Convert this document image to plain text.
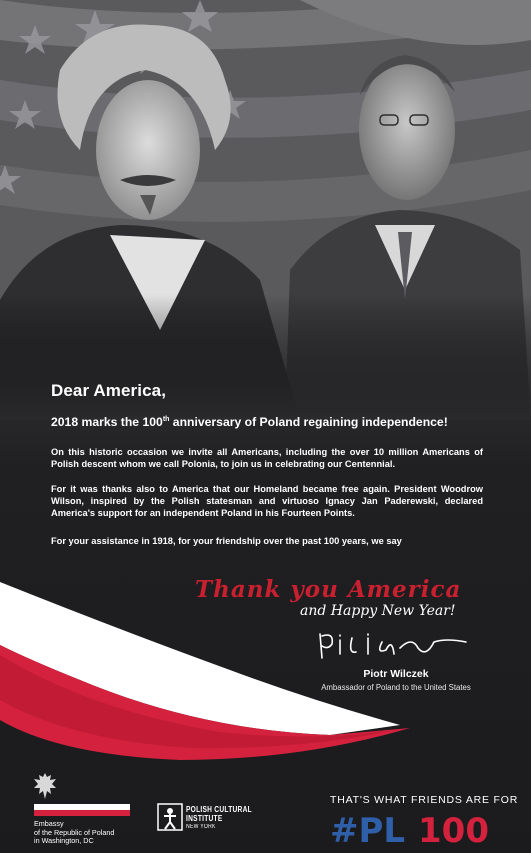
Dear America,
2018 marks the 100th anniversary of Poland regaining independence!
On this historic occasion we invite all Americans, including the over 10 million Americans of Polish descent whom we call Polonia, to join us in celebrating our Centennial.
For it was thanks also to America that our Homeland became free again. President Woodrow Wilson, inspired by the Polish statesman and virtuoso Ignacy Jan Paderewski, declared America's support for an independent Poland in his Fourteen Points.
For your assistance in 1918, for your friendship over the past 100 years, we say
Thank you America
and Happy New Year!
Piotr Wilczek
Ambassador of Poland to the United States
Embassy
of the Republic of Poland
in Washington, DC
POLISH CULTURAL
INSTITUTE
NEW YORK
THAT'S WHAT FRIENDS ARE FOR
#PL 100
